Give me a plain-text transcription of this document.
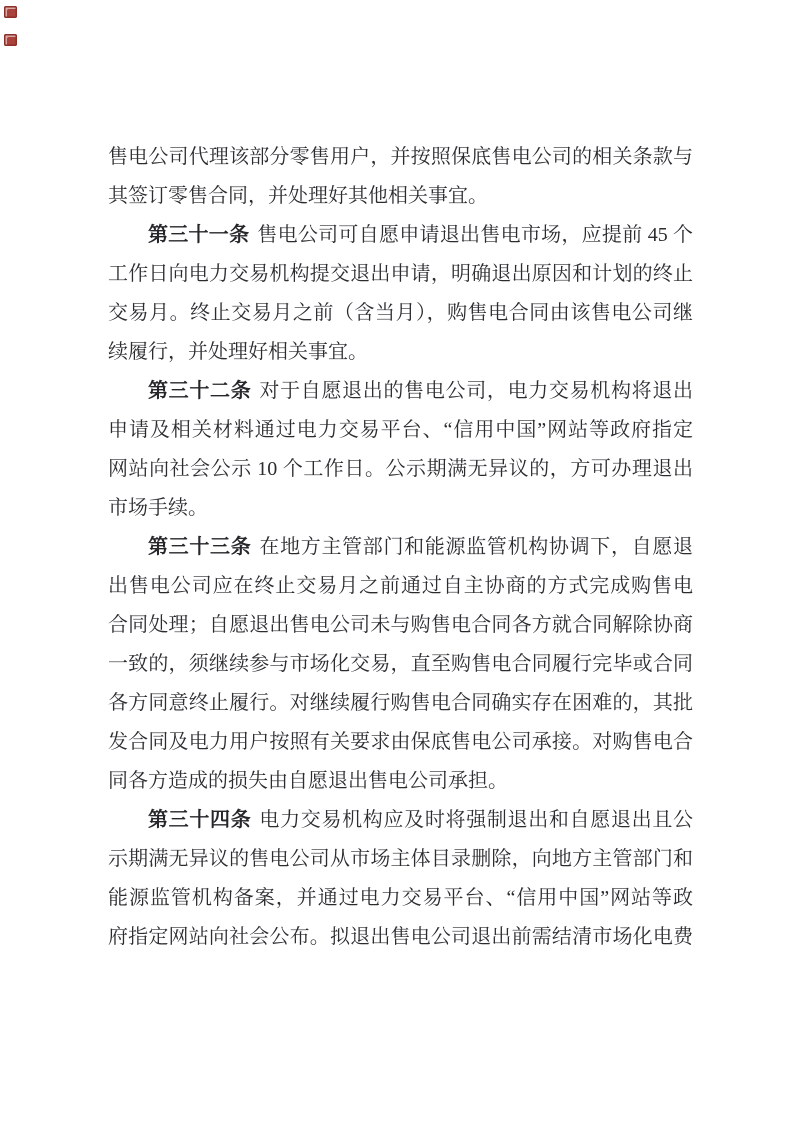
售电公司代理该部分零售用户，并按照保底售电公司的相关条款与
其签订零售合同，并处理好其他相关事宜。
第三十一条 售电公司可自愿申请退出售电市场，应提前 45 个
工作日向电力交易机构提交退出申请，明确退出原因和计划的终止
交易月。终止交易月之前（含当月），购售电合同由该售电公司继
续履行，并处理好相关事宜。
第三十二条 对于自愿退出的售电公司，电力交易机构将退出
申请及相关材料通过电力交易平台、“信用中国”网站等政府指定
网站向社会公示 10 个工作日。公示期满无异议的，方可办理退出
市场手续。
第三十三条 在地方主管部门和能源监管机构协调下，自愿退
出售电公司应在终止交易月之前通过自主协商的方式完成购售电
合同处理；自愿退出售电公司未与购售电合同各方就合同解除协商
一致的，须继续参与市场化交易，直至购售电合同履行完毕或合同
各方同意终止履行。对继续履行购售电合同确实存在困难的，其批
发合同及电力用户按照有关要求由保底售电公司承接。对购售电合
同各方造成的损失由自愿退出售电公司承担。
第三十四条 电力交易机构应及时将强制退出和自愿退出且公
示期满无异议的售电公司从市场主体目录删除，向地方主管部门和
能源监管机构备案，并通过电力交易平台、“信用中国”网站等政
府指定网站向社会公布。拟退出售电公司退出前需结清市场化电费
